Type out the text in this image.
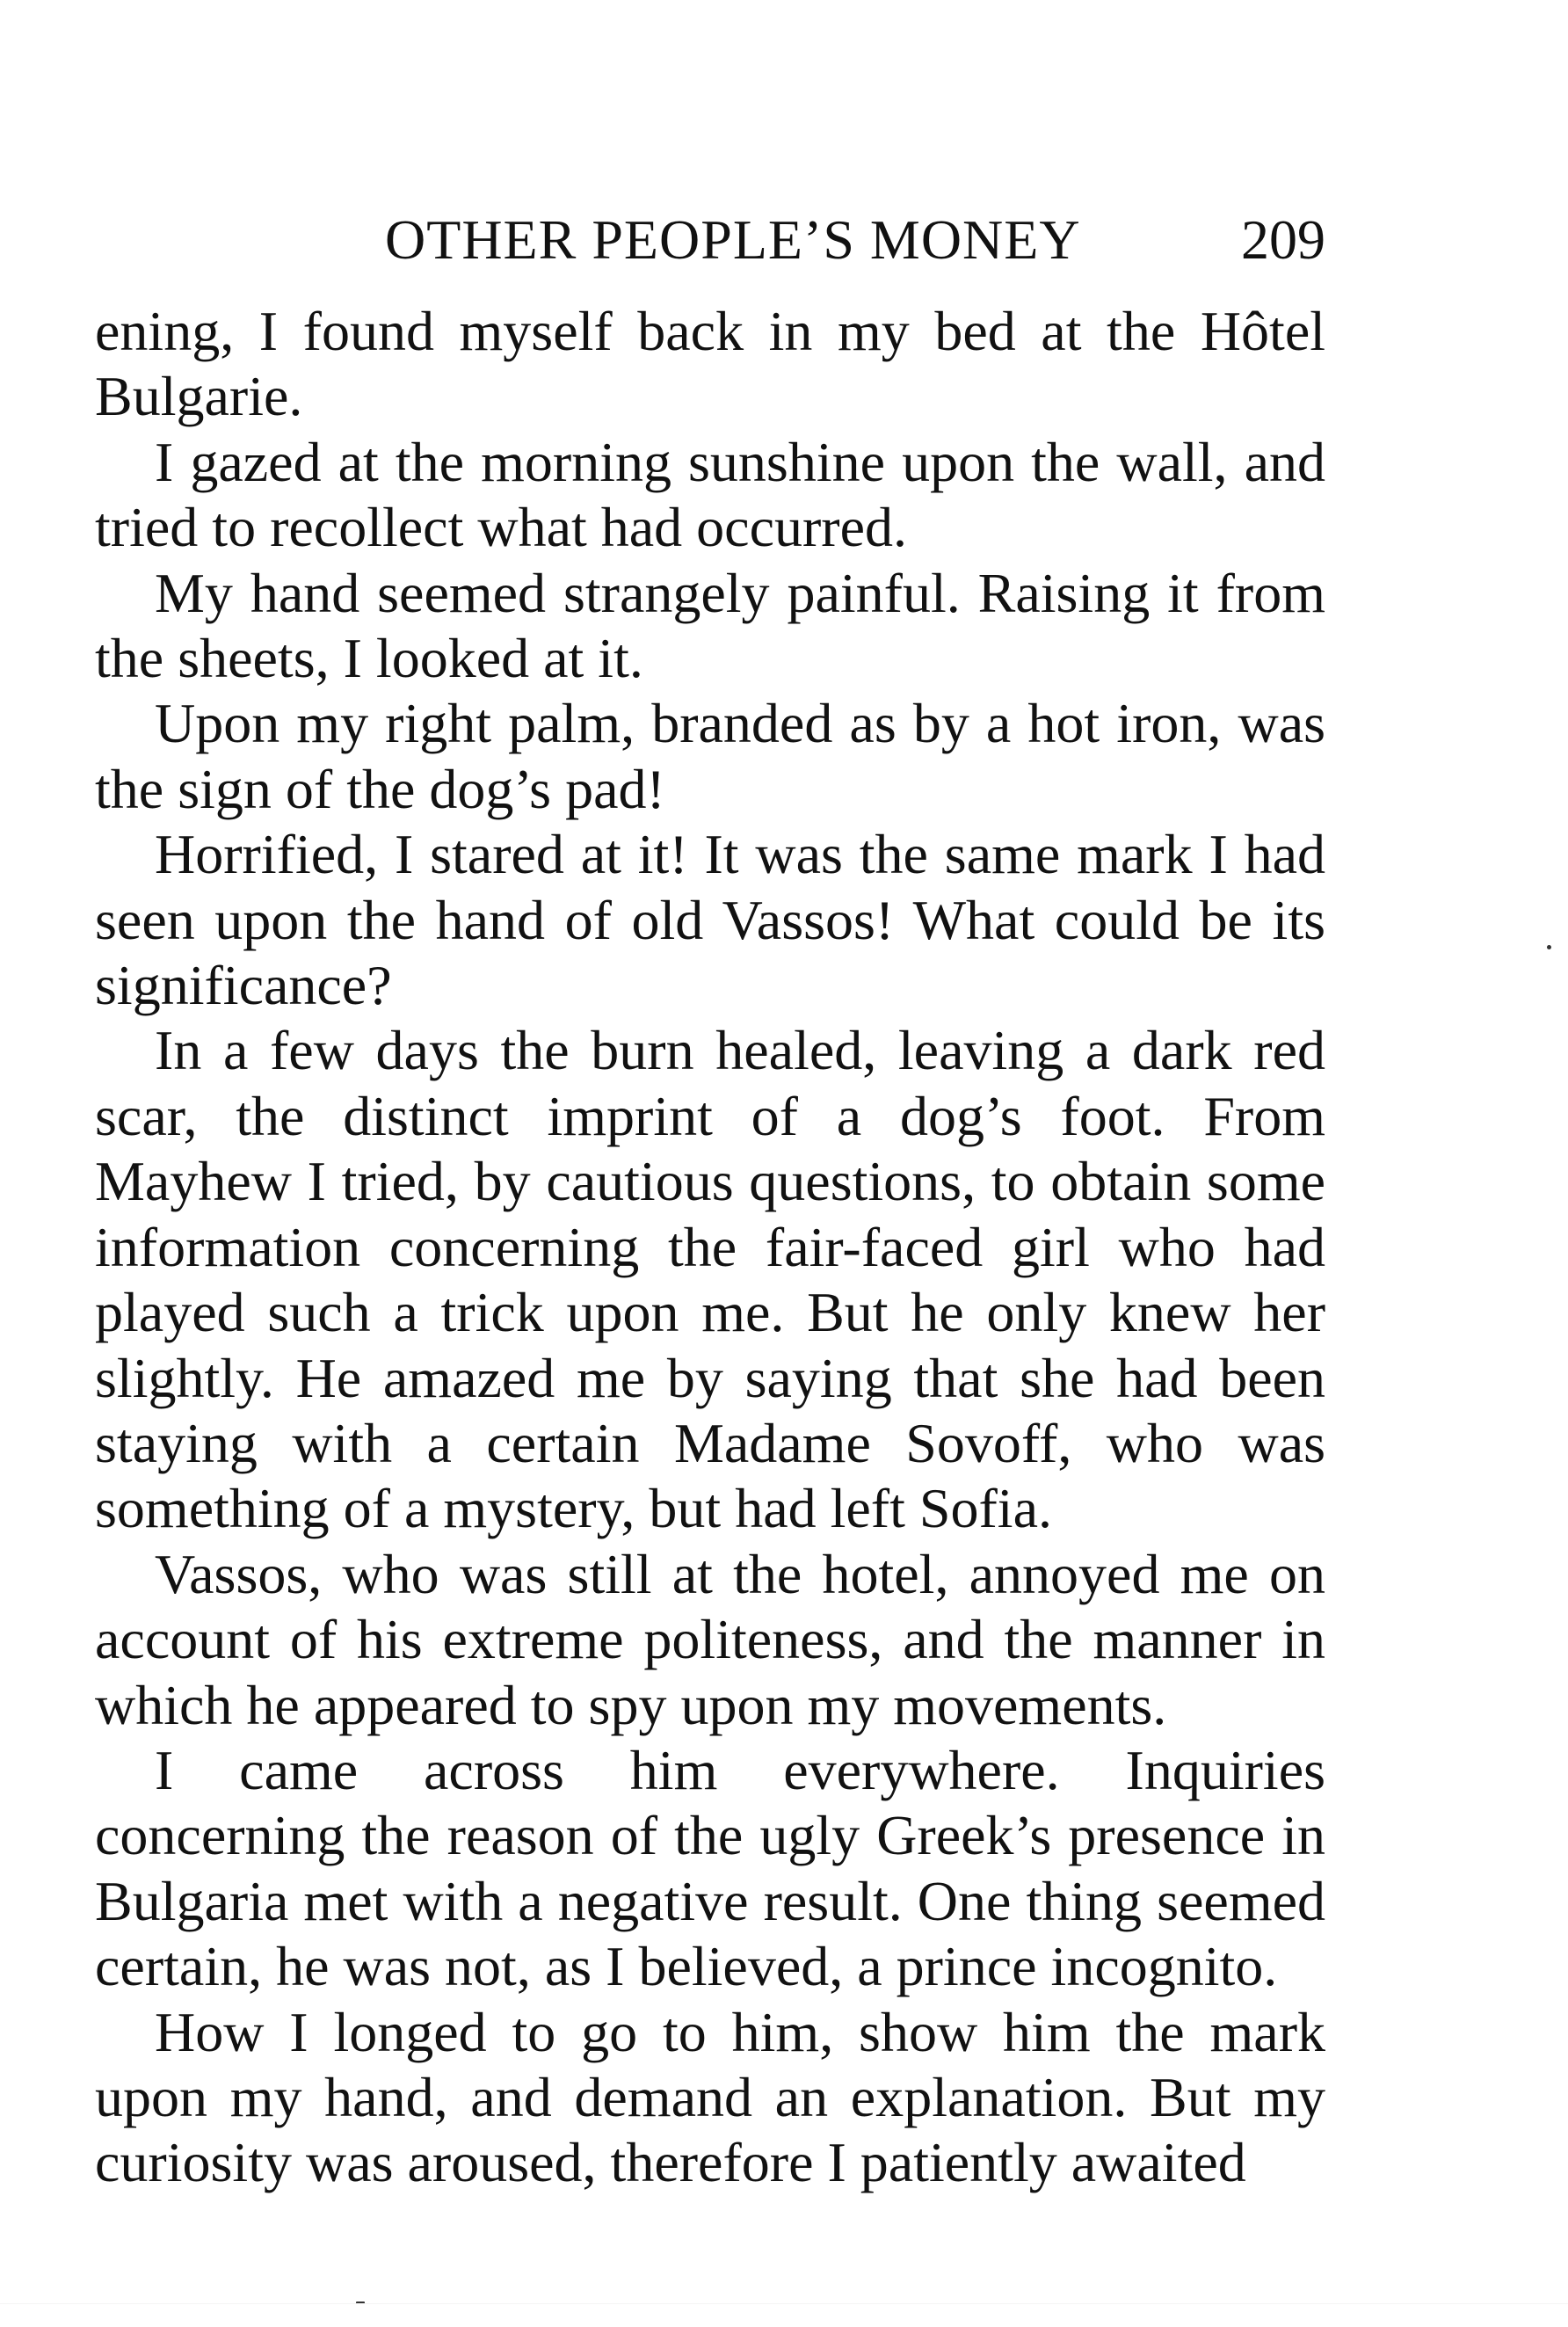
OTHER PEOPLE’S MONEY	209

ening, I found myself back in my bed at the Hôtel Bulgarie.

I gazed at the morning sunshine upon the wall, and tried to recollect what had occurred.

My hand seemed strangely painful. Raising it from the sheets, I looked at it.

Upon my right palm, branded as by a hot iron, was the sign of the dog’s pad!

Horrified, I stared at it! It was the same mark I had seen upon the hand of old Vassos! What could be its significance?

In a few days the burn healed, leaving a dark red scar, the distinct imprint of a dog’s foot. From Mayhew I tried, by cautious questions, to obtain some information concerning the fair-faced girl who had played such a trick upon me. But he only knew her slightly. He amazed me by saying that she had been staying with a certain Madame Sovoff, who was something of a mystery, but had left Sofia.

Vassos, who was still at the hotel, annoyed me on account of his extreme politeness, and the manner in which he appeared to spy upon my movements.

I came across him everywhere. Inquiries concerning the reason of the ugly Greek’s presence in Bulgaria met with a negative result. One thing seemed certain, he was not, as I believed, a prince incognito.

How I longed to go to him, show him the mark upon my hand, and demand an explanation. But my curiosity was aroused, therefore I patiently awaited
